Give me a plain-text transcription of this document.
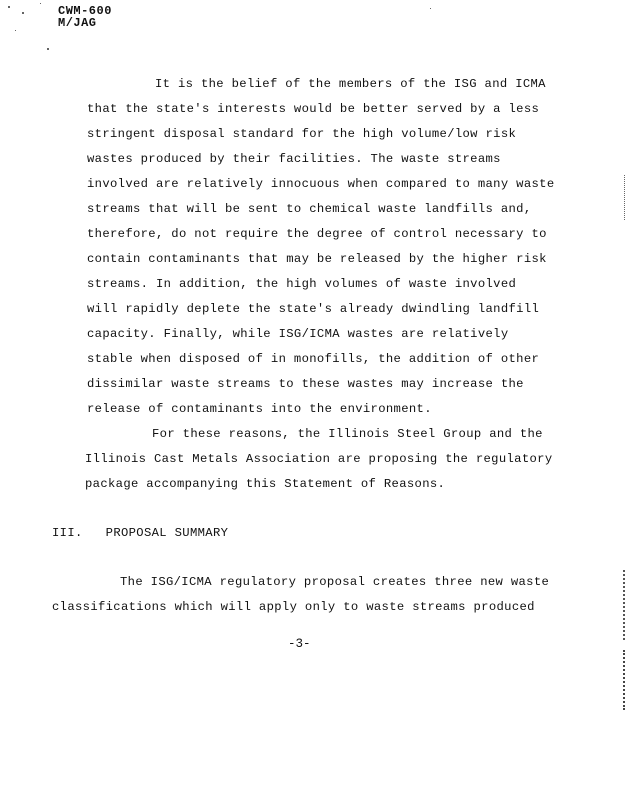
CWM-600
M/JAG
It is the belief of the members of the ISG and ICMA
that the state's interests would be better served by a less
stringent disposal standard for the high volume/low risk
wastes produced by their facilities. The waste streams
involved are relatively innocuous when compared to many waste
streams that will be sent to chemical waste landfills and,
therefore, do not require the degree of control necessary to
contain contaminants that may be released by the higher risk
streams. In addition, the high volumes of waste involved
will rapidly deplete the state's already dwindling landfill
capacity. Finally, while ISG/ICMA wastes are relatively
stable when disposed of in monofills, the addition of other
dissimilar waste streams to these wastes may increase the
release of contaminants into the environment.
For these reasons, the Illinois Steel Group and the
Illinois Cast Metals Association are proposing the regulatory
package accompanying this Statement of Reasons.
III. PROPOSAL SUMMARY
The ISG/ICMA regulatory proposal creates three new waste
classifications which will apply only to waste streams produced
-3-
